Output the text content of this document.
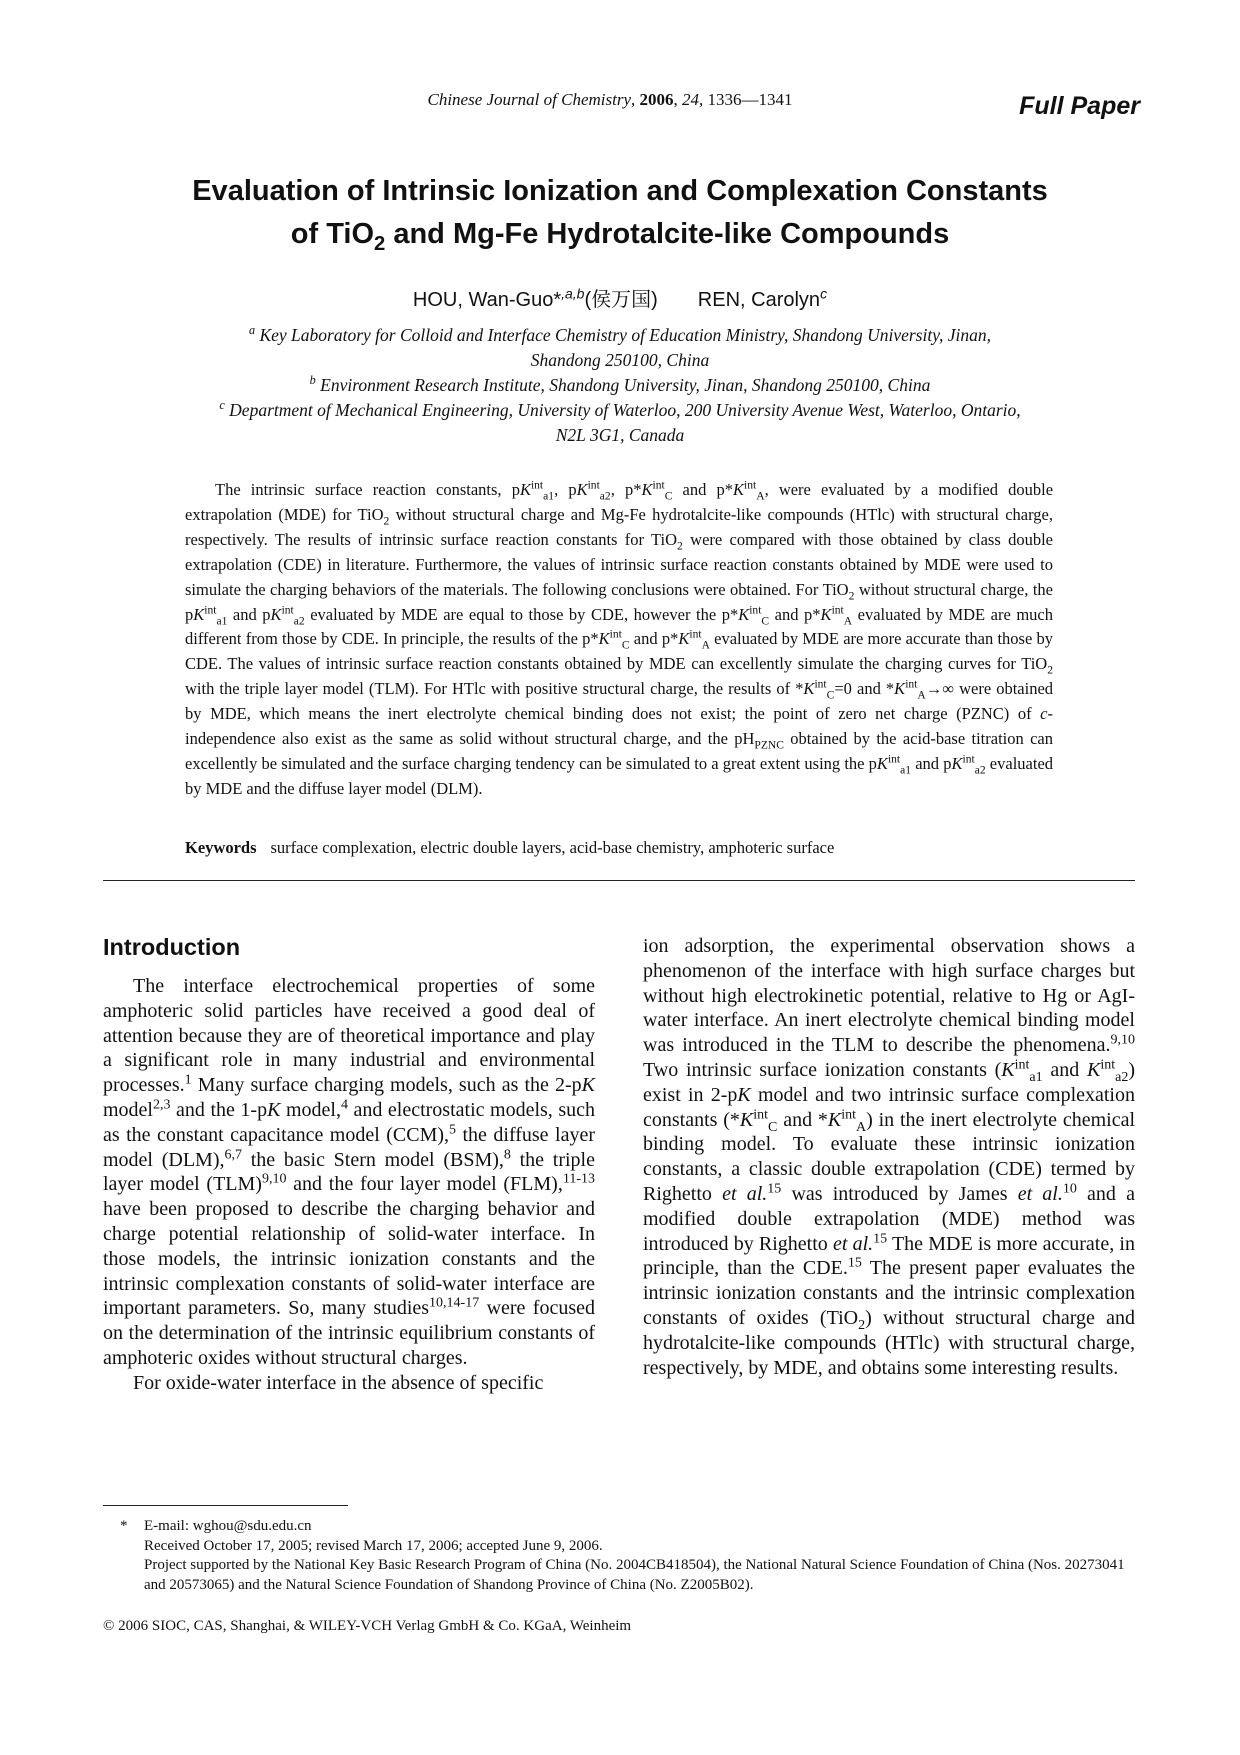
Chinese Journal of Chemistry, 2006, 24, 1336—1341	Full Paper
Evaluation of Intrinsic Ionization and Complexation Constants
of TiO$_2$ and Mg-Fe Hydrotalcite-like Compounds
HOU, Wan-Guo*$^{,a,b}$(侯万国) REN, Carolyn$^c$
$^a$ Key Laboratory for Colloid and Interface Chemistry of Education Ministry, Shandong University, Jinan,
Shandong 250100, China
$^b$ Environment Research Institute, Shandong University, Jinan, Shandong 250100, China
$^c$ Department of Mechanical Engineering, University of Waterloo, 200 University Avenue West, Waterloo, Ontario,
N2L 3G1, Canada

The intrinsic surface reaction constants, $pK^{int}_{a1}$, $pK^{int}_{a2}$, $p*K^{int}_C$ and $p*K^{int}_A$, were evaluated by a modified double extrapolation (MDE) for TiO$_2$ without structural charge and Mg-Fe hydrotalcite-like compounds (HTlc) with structural charge, respectively. The results of intrinsic surface reaction constants for TiO$_2$ were compared with those obtained by class double extrapolation (CDE) in literature. Furthermore, the values of intrinsic surface reaction constants obtained by MDE were used to simulate the charging behaviors of the materials. The following conclusions were obtained. For TiO$_2$ without structural charge, the $pK^{int}_{a1}$ and $pK^{int}_{a2}$ evaluated by MDE are equal to those by CDE, however the $p*K^{int}_C$ and $p*K^{int}_A$ evaluated by MDE are much different from those by CDE. In principle, the results of the $p*K^{int}_C$ and $p*K^{int}_A$ evaluated by MDE are more accurate than those by CDE. The values of intrinsic surface reaction constants obtained by MDE can excellently simulate the charging curves for TiO$_2$ with the triple layer model (TLM). For HTlc with positive structural charge, the results of $*K^{int}_C=0$ and $*K^{int}_A\to\infty$ were obtained by MDE, which means the inert electrolyte chemical binding does not exist; the point of zero net charge (PZNC) of c-independence also exist as the same as solid without structural charge, and the $pH_{PZNC}$ obtained by the acid-base titration can excellently be simulated and the surface charging tendency can be simulated to a great extent using the $pK^{int}_{a1}$ and $pK^{int}_{a2}$ evaluated by MDE and the diffuse layer model (DLM).

Keywords surface complexation, electric double layers, acid-base chemistry, amphoteric surface
Introduction

The interface electrochemical properties of some amphoteric solid particles have received a good deal of attention because they are of theoretical importance and play a significant role in many industrial and environmental processes.$^1$ Many surface charging models, such as the 2-pK model$^{2,3}$ and the 1-pK model,$^4$ and electrostatic models, such as the constant capacitance model (CCM),$^5$ the diffuse layer model (DLM),$^{6,7}$ the basic Stern model (BSM),$^8$ the triple layer model (TLM)$^{9,10}$ and the four layer model (FLM),$^{11-13}$ have been proposed to describe the charging behavior and charge potential relationship of solid-water interface. In those models, the intrinsic ionization constants and the intrinsic complexation constants of solid-water interface are important parameters. So, many studies$^{10,14-17}$ were focused on the determination of the intrinsic equilibrium constants of amphoteric oxides without structural charges.

For oxide-water interface in the absence of specific

ion adsorption, the experimental observation shows a phenomenon of the interface with high surface charges but without high electrokinetic potential, relative to Hg or AgI-water interface. An inert electrolyte chemical binding model was introduced in the TLM to describe the phenomena.$^{9,10}$ Two intrinsic surface ionization constants ($K^{int}_{a1}$ and $K^{int}_{a2}$) exist in 2-pK model and two intrinsic surface complexation constants ($*K^{int}_C$ and $*K^{int}_A$) in the inert electrolyte chemical binding model. To evaluate these intrinsic ionization constants, a classic double extrapolation (CDE) termed by Righetto et al.$^{15}$ was introduced by James et al.$^{10}$ and a modified double extrapolation (MDE) method was introduced by Righetto et al.$^{15}$ The MDE is more accurate, in principle, than the CDE.$^{15}$ The present paper evaluates the intrinsic ionization constants and the intrinsic complexation constants of oxides (TiO$_2$) without structural charge and hydrotalcite-like compounds (HTlc) with structural charge, respectively, by MDE, and obtains some interesting results.

*	E-mail: wghou@sdu.edu.cn
Received October 17, 2005; revised March 17, 2006; accepted June 9, 2006.
Project supported by the National Key Basic Research Program of China (No. 2004CB418504), the National Natural Science Foundation of China (Nos. 20273041 and 20573065) and the Natural Science Foundation of Shandong Province of China (No. Z2005B02).
© 2006 SIOC, CAS, Shanghai, & WILEY-VCH Verlag GmbH & Co. KGaA, Weinheim
